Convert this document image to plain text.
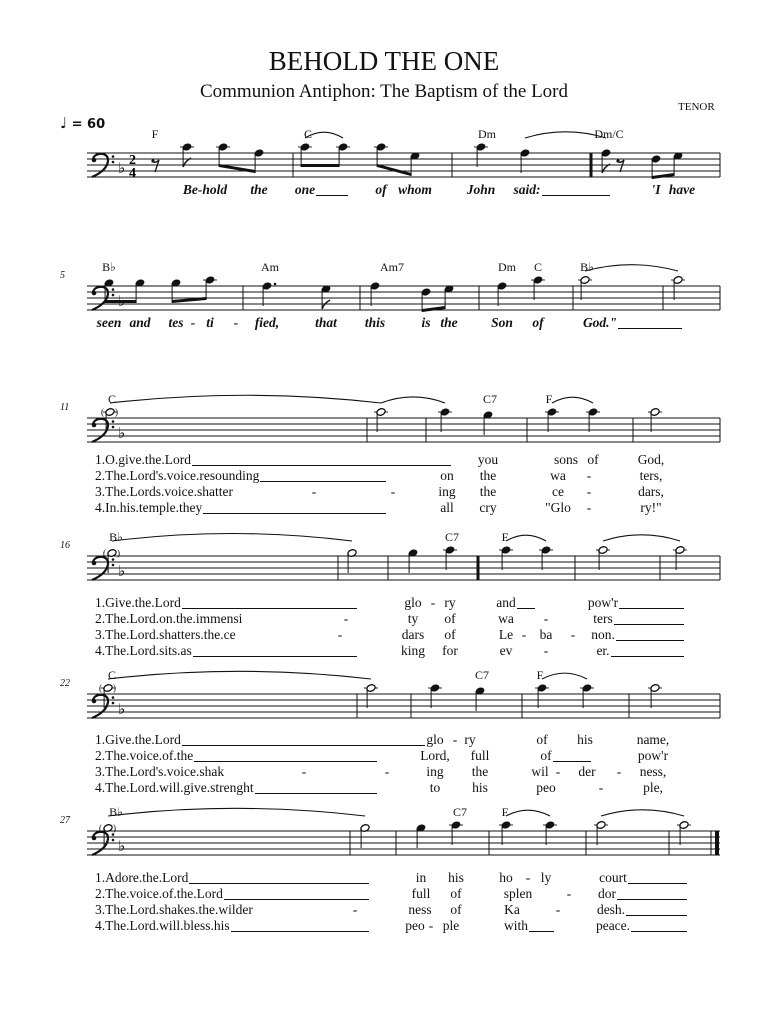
♭ 2
4
♭
( )
♭
( )
♭
( )
♭
( )
BEHOLD THE ONE
Communion Antiphon: The Baptism of the Lord
TENOR
♩ = 60
F	C	Dm	Dm/C
Be-hold the one	of whom	John said:	'I have
B♭	Am	Am7	Dm C	B♭
5
seen and tes - ti - fied,	that this	is the Son of	God."
C	C7	F
11
1.O.give.the.Lord	you	sons of	God,
2.The.Lord's.voice.resounding	on the	wa -	ters,
3.The.Lords.voice.shatter	-	-	ing the	ce -	dars,
4.In.his.temple.they	all cry	"Glo -	ry!"
B♭	C7	F
16
1.Give.the.Lord	glo - ry	and	pow'r
2.The.Lord.on.the.immensi	-	ty of	wa -	ters
3.The.Lord.shatters.the.ce	-	dars of	Le - ba - non.
4.The.Lord.sits.as	king for	ev -	er.
C	C7	F
22
1.Give.the.Lord	glo - ry	of his	name,
2.The.voice.of.the	Lord, full	of	pow'r
3.The.Lord's.voice.shak	-	-	ing the	wil - der - ness,
4.The.Lord.will.give.strenght	to his	peo	-	ple,
B♭	C7	F
27
1.Adore.the.Lord	in his	ho - ly	court
2.The.voice.of.the.Lord	full of	splen	- dor
3.The.Lord.shakes.the.wilder	-	ness of	Ka	-	desh.
4.The.Lord.will.bless.his	peo - ple	with	peace.
